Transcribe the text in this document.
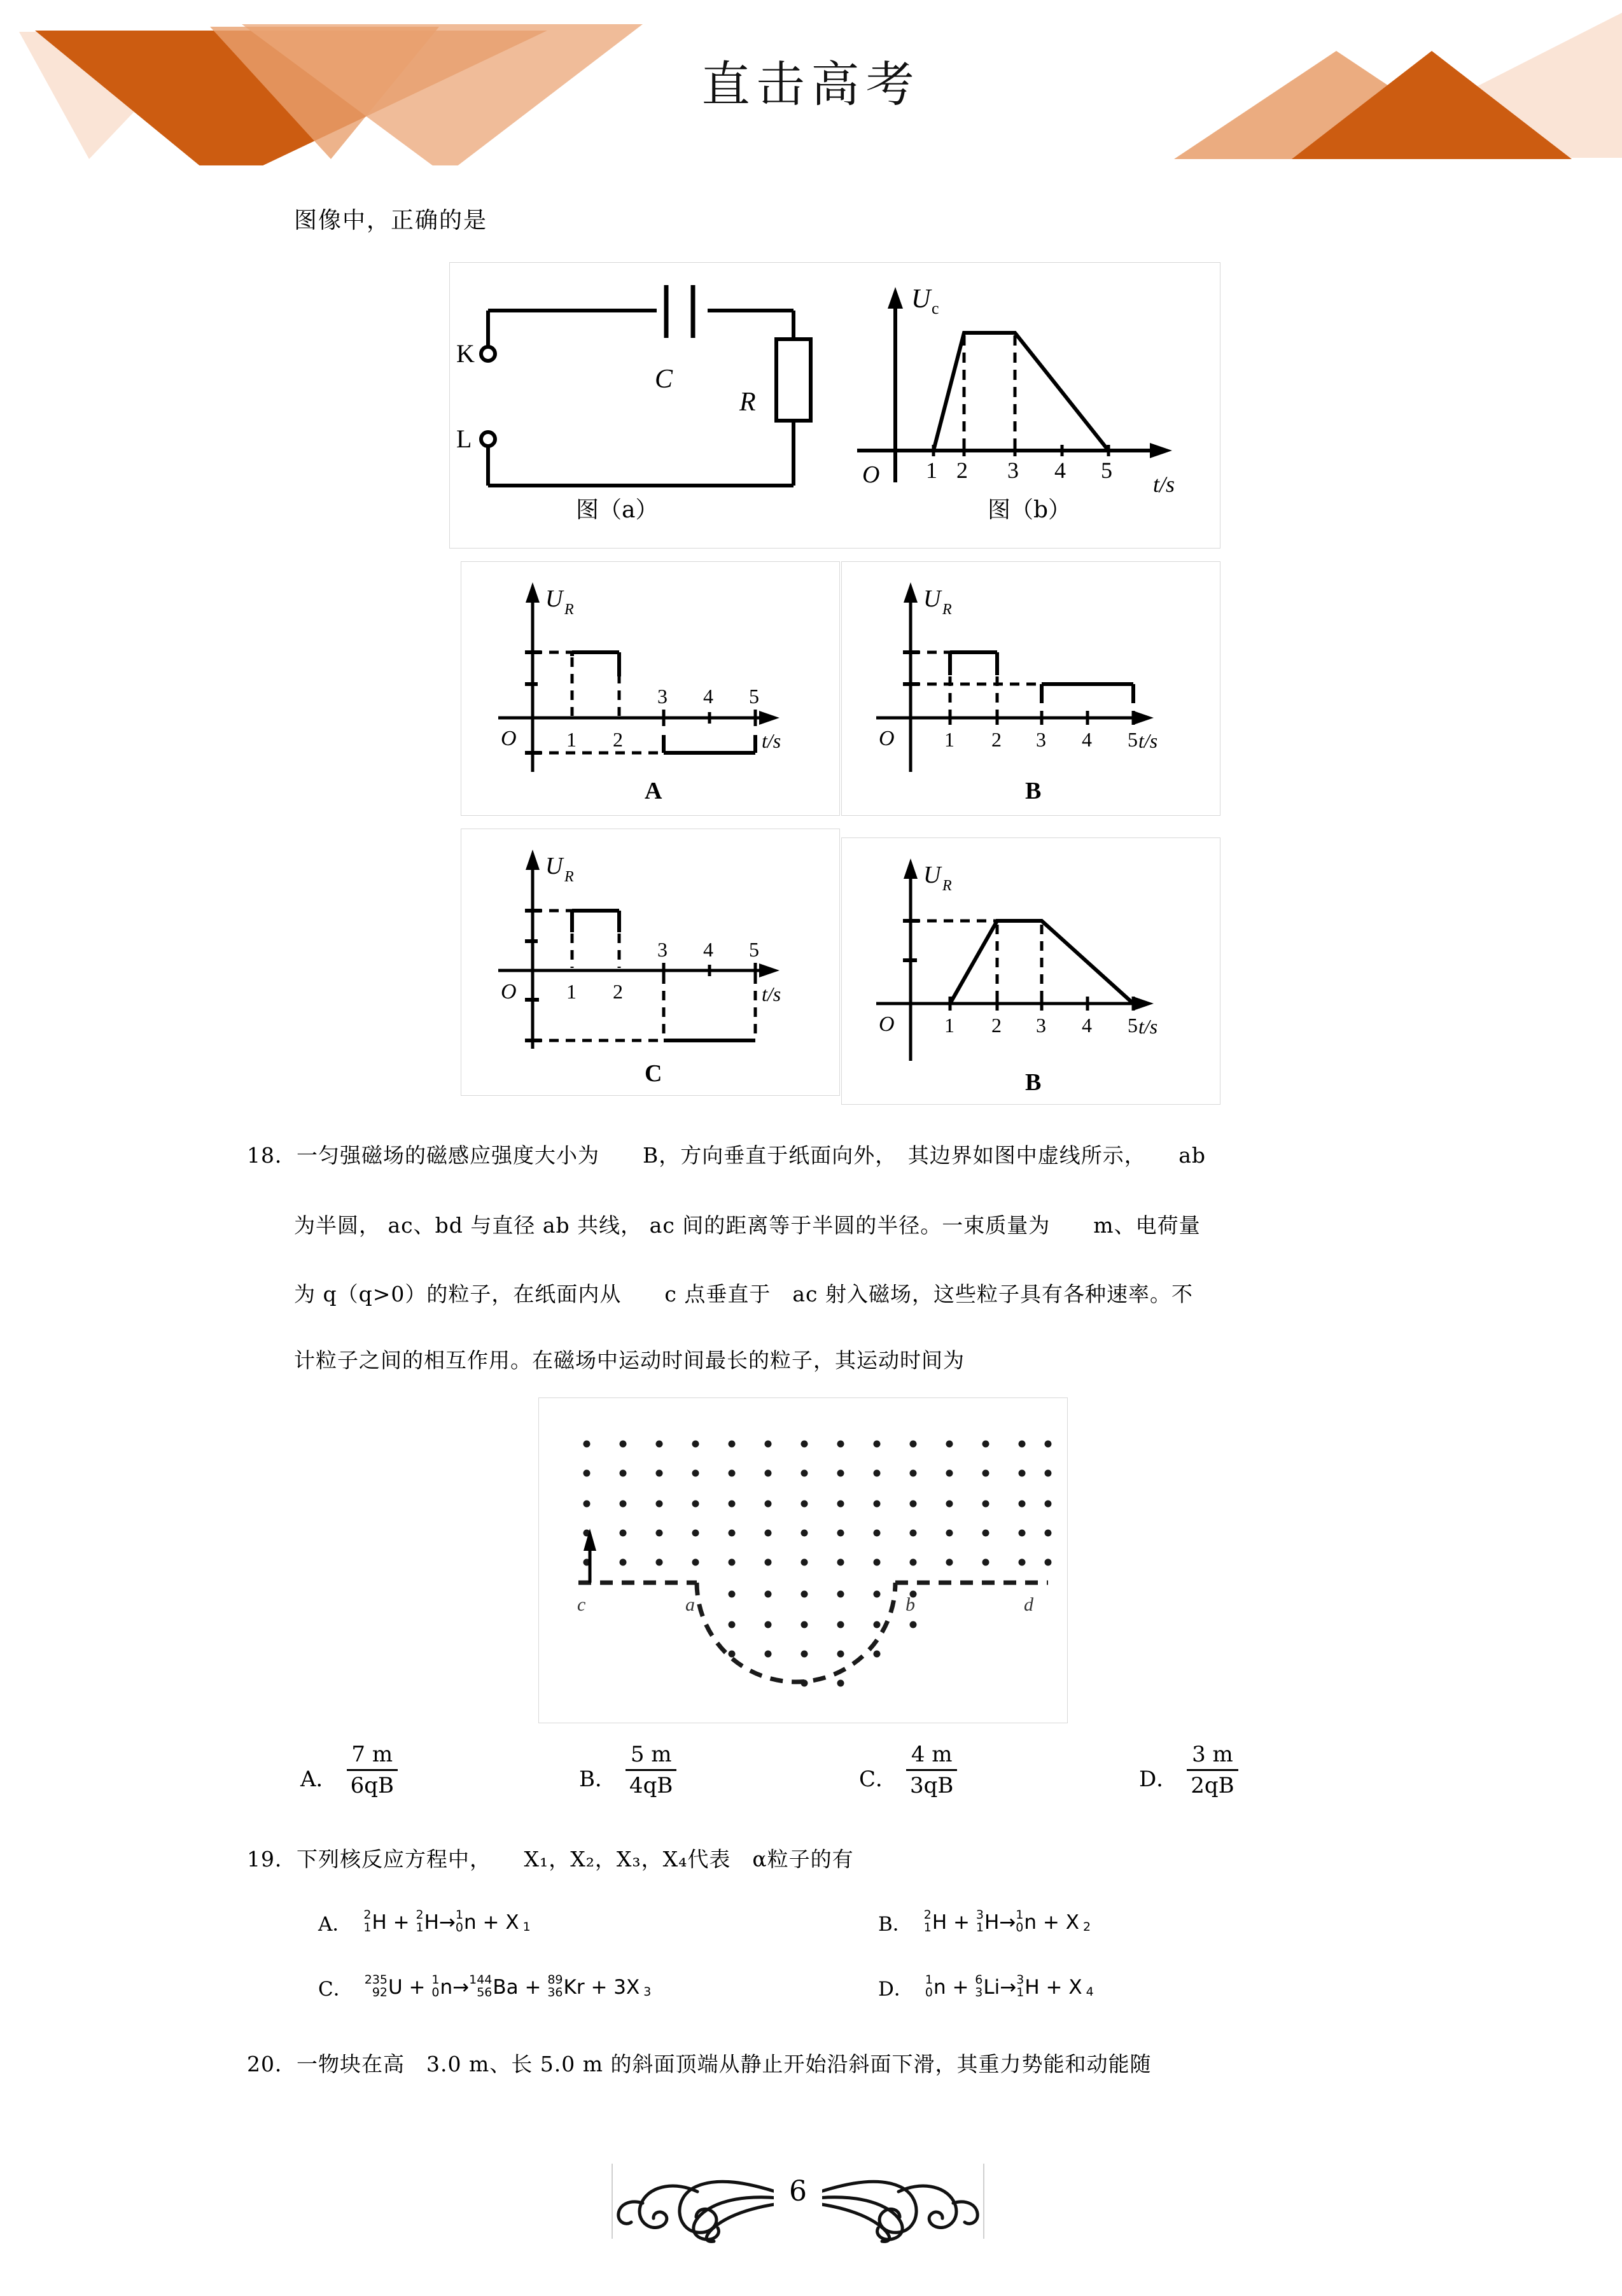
直击高考
图像中，正确的是
K
L
C
R
图（a）
1 2 3 4 5
O
U c
t/s
图（b）
1 2
3 4 5
O
U R
t/s
A
1 2 3 4 5
O
U R
t/s
B
1 2
3 4 5
O
U R
t/s
C
1 2 3 4 5
O
U R
t/s
B
18．一匀强磁场的磁感应强度大小为　　B，方向垂直于纸面向外，　其边界如图中虚线所示，　　ab
为半圆， ac、bd 与直径 ab 共线， ac 间的距离等于半圆的半径。一束质量为　　m、电荷量
为 q（q>0）的粒子，在纸面内从　　c 点垂直于　ac 射入磁场，这些粒子具有各种速率。不
计粒子之间的相互作用。在磁场中运动时间最长的粒子，其运动时间为
c	a	b	d
A． $\frac{7 m}{6qB}$	B． $\frac{5 m}{4qB}$	C． $\frac{4 m}{3qB}$	D． $\frac{3 m}{2qB}$
19．下列核反应方程中，　　X₁，X₂，X₃，X₄代表　α粒子的有
A． 2
1 H + 2
1 H → 1
0 n + X 1	B． 2
1 H + 3
1 H → 1
0 n + X 2
C． 235
92 U + 1
0 n → 144
56 Ba + 89
36 Kr + 3X 3	D． 1
0 n + 6
3 Li → 3
1 H + X 4
20．一物块在高　3.0 m、长 5.0 m 的斜面顶端从静止开始沿斜面下滑，其重力势能和动能随
6
